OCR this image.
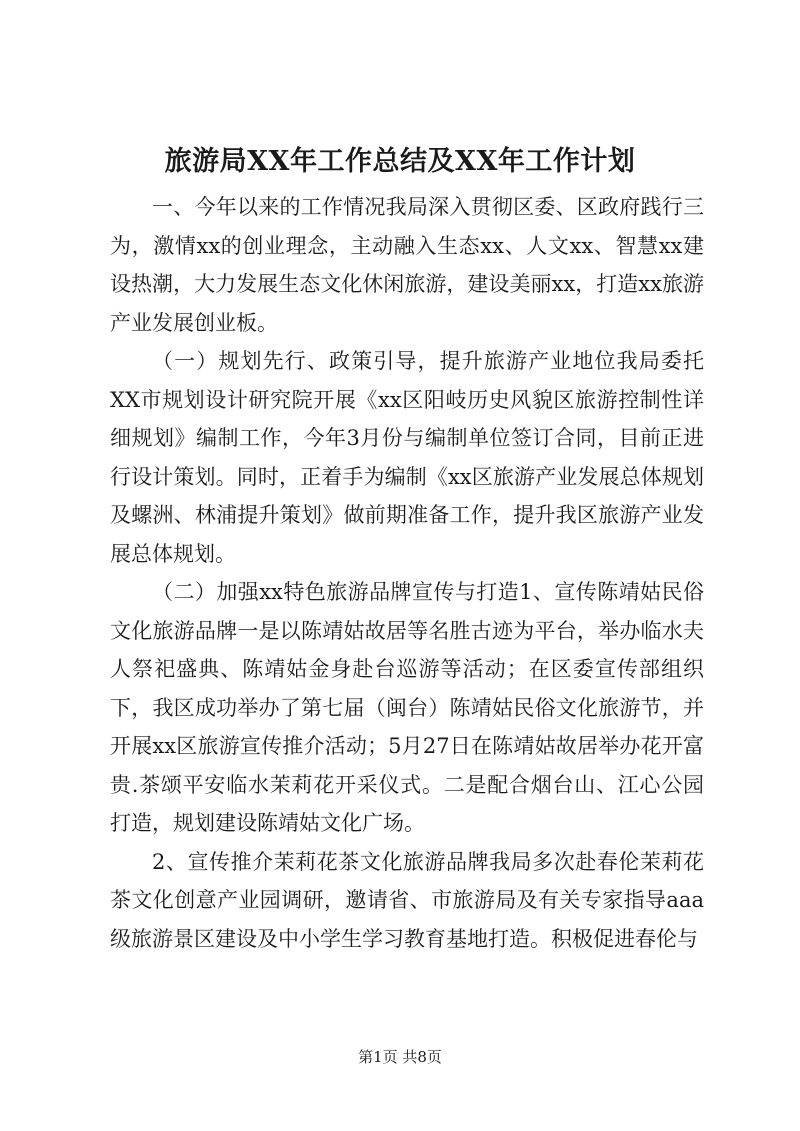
旅游局XX年工作总结及XX年工作计划

一、今年以来的工作情况我局深入贯彻区委、区政府践行三为，激情xx的创业理念，主动融入生态xx、人文xx、智慧xx建设热潮，大力发展生态文化休闲旅游，建设美丽xx，打造xx旅游产业发展创业板。

（一）规划先行、政策引导，提升旅游产业地位我局委托XX市规划设计研究院开展《xx区阳岐历史风貌区旅游控制性详细规划》编制工作，今年3月份与编制单位签订合同，目前正进行设计策划。同时，正着手为编制《xx区旅游产业发展总体规划及螺洲、林浦提升策划》做前期准备工作，提升我区旅游产业发展总体规划。

（二）加强xx特色旅游品牌宣传与打造1、宣传陈靖姑民俗文化旅游品牌一是以陈靖姑故居等名胜古迹为平台，举办临水夫人祭祀盛典、陈靖姑金身赴台巡游等活动；在区委宣传部组织下，我区成功举办了第七届（闽台）陈靖姑民俗文化旅游节，并开展xx区旅游宣传推介活动；5月27日在陈靖姑故居举办花开富贵.茶颂平安临水茉莉花开采仪式。二是配合烟台山、江心公园打造，规划建设陈靖姑文化广场。

2、宣传推介茉莉花茶文化旅游品牌我局多次赴春伦茉莉花茶文化创意产业园调研，邀请省、市旅游局及有关专家指导aaa级旅游景区建设及中小学生学习教育基地打造。积极促进春伦与

第1页 共8页
